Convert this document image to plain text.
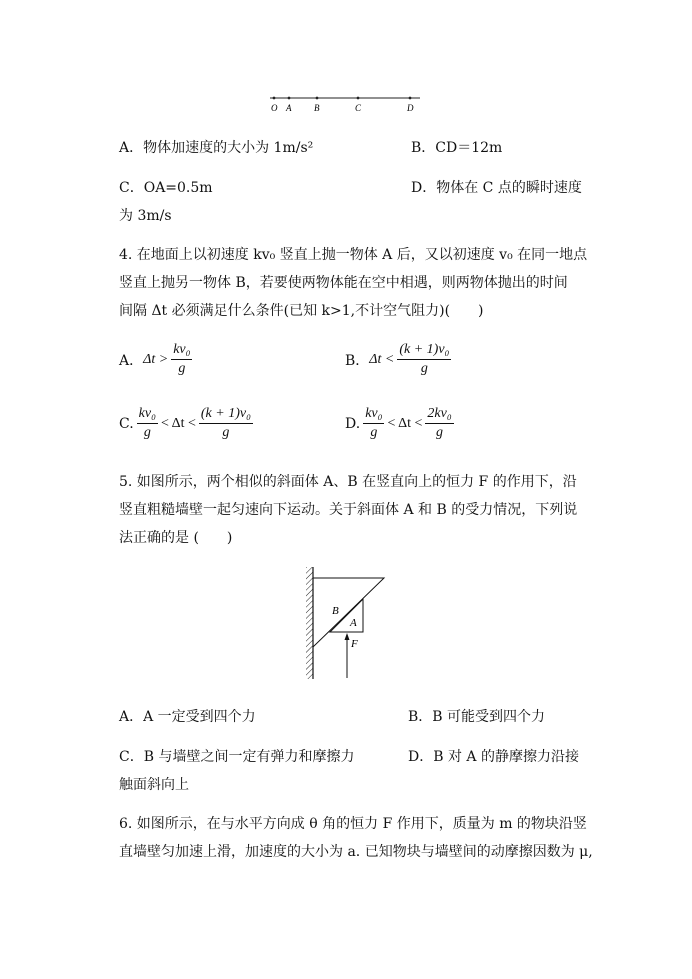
O A	B	C	D
A．物体加速度的大小为 1m/s²	B．CD＝12m
C．OA=0.5m	D．物体在 C 点的瞬时速度
为 3m/s
4. 在地面上以初速度 kv₀ 竖直上抛一物体 A 后，又以初速度 v₀ 在同一地点
竖直上抛另一物体 B，若要使两物体能在空中相遇，则两物体抛出的时间
间隔 Δt 必须满足什么条件(已知 k>1,不计空气阻力)(　　)
A． $\Delta t > \frac{\text{kv₀}}{g}$	B． $\Delta t < \frac{\text{(k + 1)v₀}}{g}$
C. $\frac{\text{kv₀}}{g} < \Delta t < \frac{\text{(k + 1)v₀}}{g}$	D. $\frac{\text{kv₀}}{g} < \Delta t < \frac{\text{2kv₀}}{g}$
5. 如图所示，两个相似的斜面体 A、B 在竖直向上的恒力 F 的作用下，沿
竖直粗糙墙壁一起匀速向下运动。关于斜面体 A 和 B 的受力情况，下列说
法正确的是 (　　)
B
A
F
A．A 一定受到四个力	B．B 可能受到四个力
C．B 与墙壁之间一定有弹力和摩擦力	D．B 对 A 的静摩擦力沿接
触面斜向上
6. 如图所示，在与水平方向成 θ 角的恒力 F 作用下，质量为 m 的物块沿竖
直墙壁匀加速上滑，加速度的大小为 a. 已知物块与墙壁间的动摩擦因数为 μ,
